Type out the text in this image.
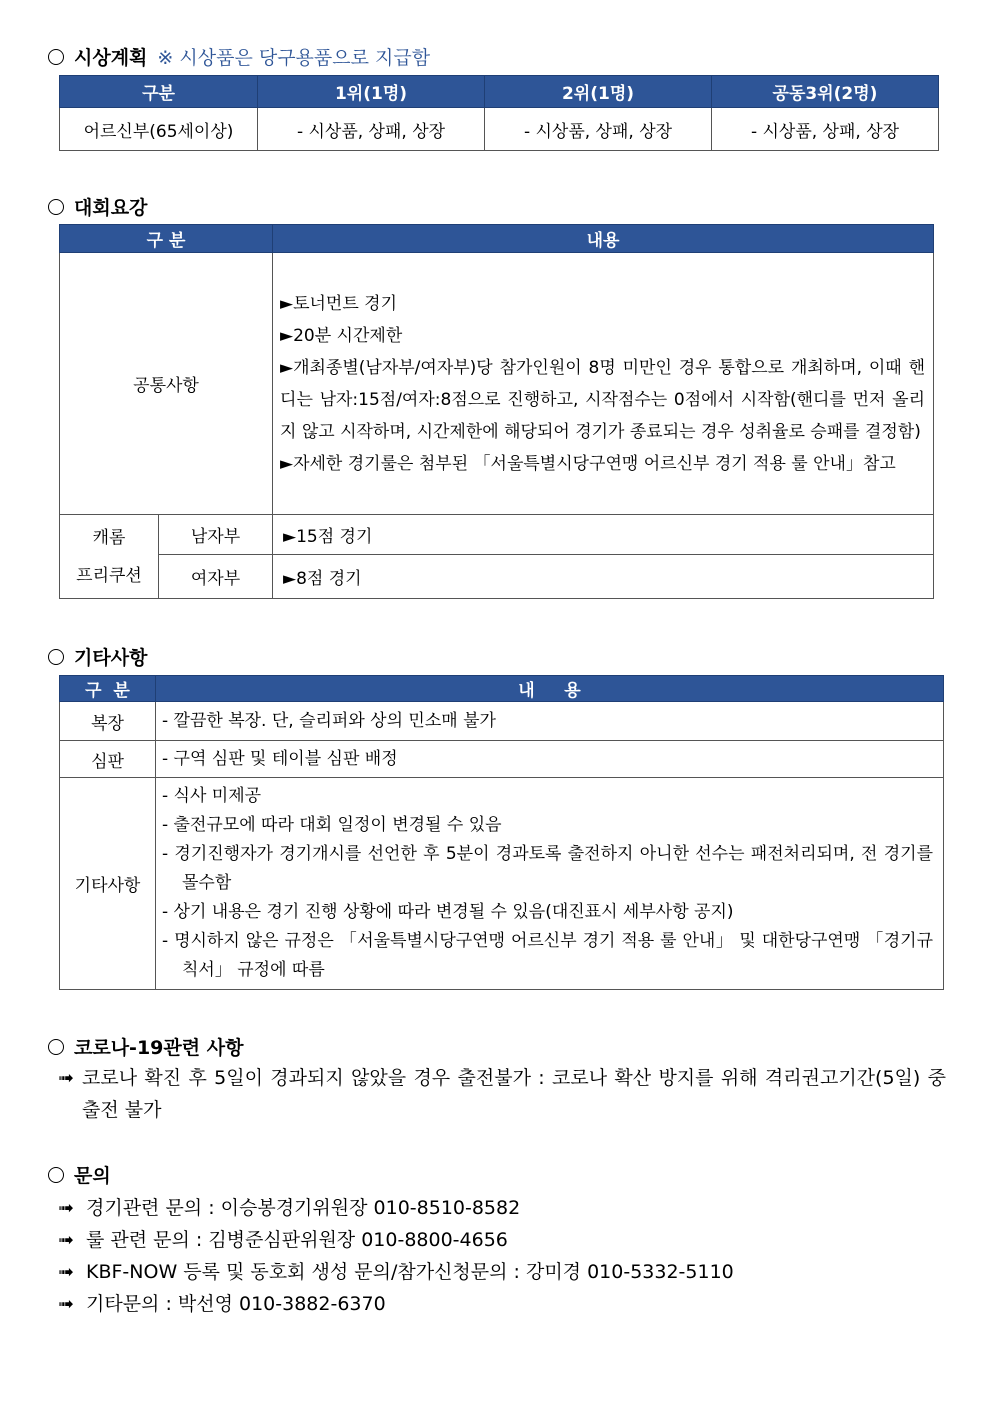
시상계획 ※ 시상품은 당구용품으로 지급함
구분	1위(1명)	2위(1명)	공동3위(2명)
어르신부(65세이상)	- 시상품, 상패, 상장	- 시상품, 상패, 상장	- 시상품, 상패, 상장
대회요강
구 분		내용
공통사항		►토너먼트 경기

►20분 시간제한

►개최종별(남자부/여자부)당 참가인원이 8명 미만인 경우 통합으로 개최하며, 이때 핸디는 남자:15점/여자:8점으로 진행하고, 시작점수는 0점에서 시작함(핸디를 먼저 올리지 않고 시작하며, 시간제한에 해당되어 경기가 종료되는 경우 성취율로 승패를 결정함)

►자세한 경기룰은 첨부된 「서울특별시당구연맹 어르신부 경기 적용 룰 안내」참고

캐롬
프리쿠션	남자부	►15점 경기
	여자부	►8점 경기
기타사항
구  분	내     용
복장	- 깔끔한 복장. 단, 슬리퍼와 상의 민소매 불가

심판	- 구역 심판 및 테이블 심판 배정

기타사항	- 식사 미제공

- 출전규모에 따라 대회 일정이 변경될 수 있음

- 경기진행자가 경기개시를 선언한 후 5분이 경과토록 출전하지 아니한 선수는 패전처리되며, 전 경기를 몰수함

- 상기 내용은 경기 진행 상황에 따라 변경될 수 있음(대진표시 세부사항 공지)

- 명시하지 않은 규정은 「서울특별시당구연맹 어르신부 경기 적용 룰 안내」 및 대한당구연맹 「경기규칙서」 규정에 따름

코로나-19관련 사항
➟ 코로나 확진 후 5일이 경과되지 않았을 경우 출전불가 : 코로나 확산 방지를 위해 격리권고기간(5일) 중 출전 불가
문의
➟ 경기관련 문의 : 이승봉경기위원장 010-8510-8582
➟ 룰 관련 문의 : 김병준심판위원장 010-8800-4656
➟ KBF-NOW 등록 및 동호회 생성 문의/참가신청문의 : 강미경 010-5332-5110
➟ 기타문의 : 박선영 010-3882-6370
